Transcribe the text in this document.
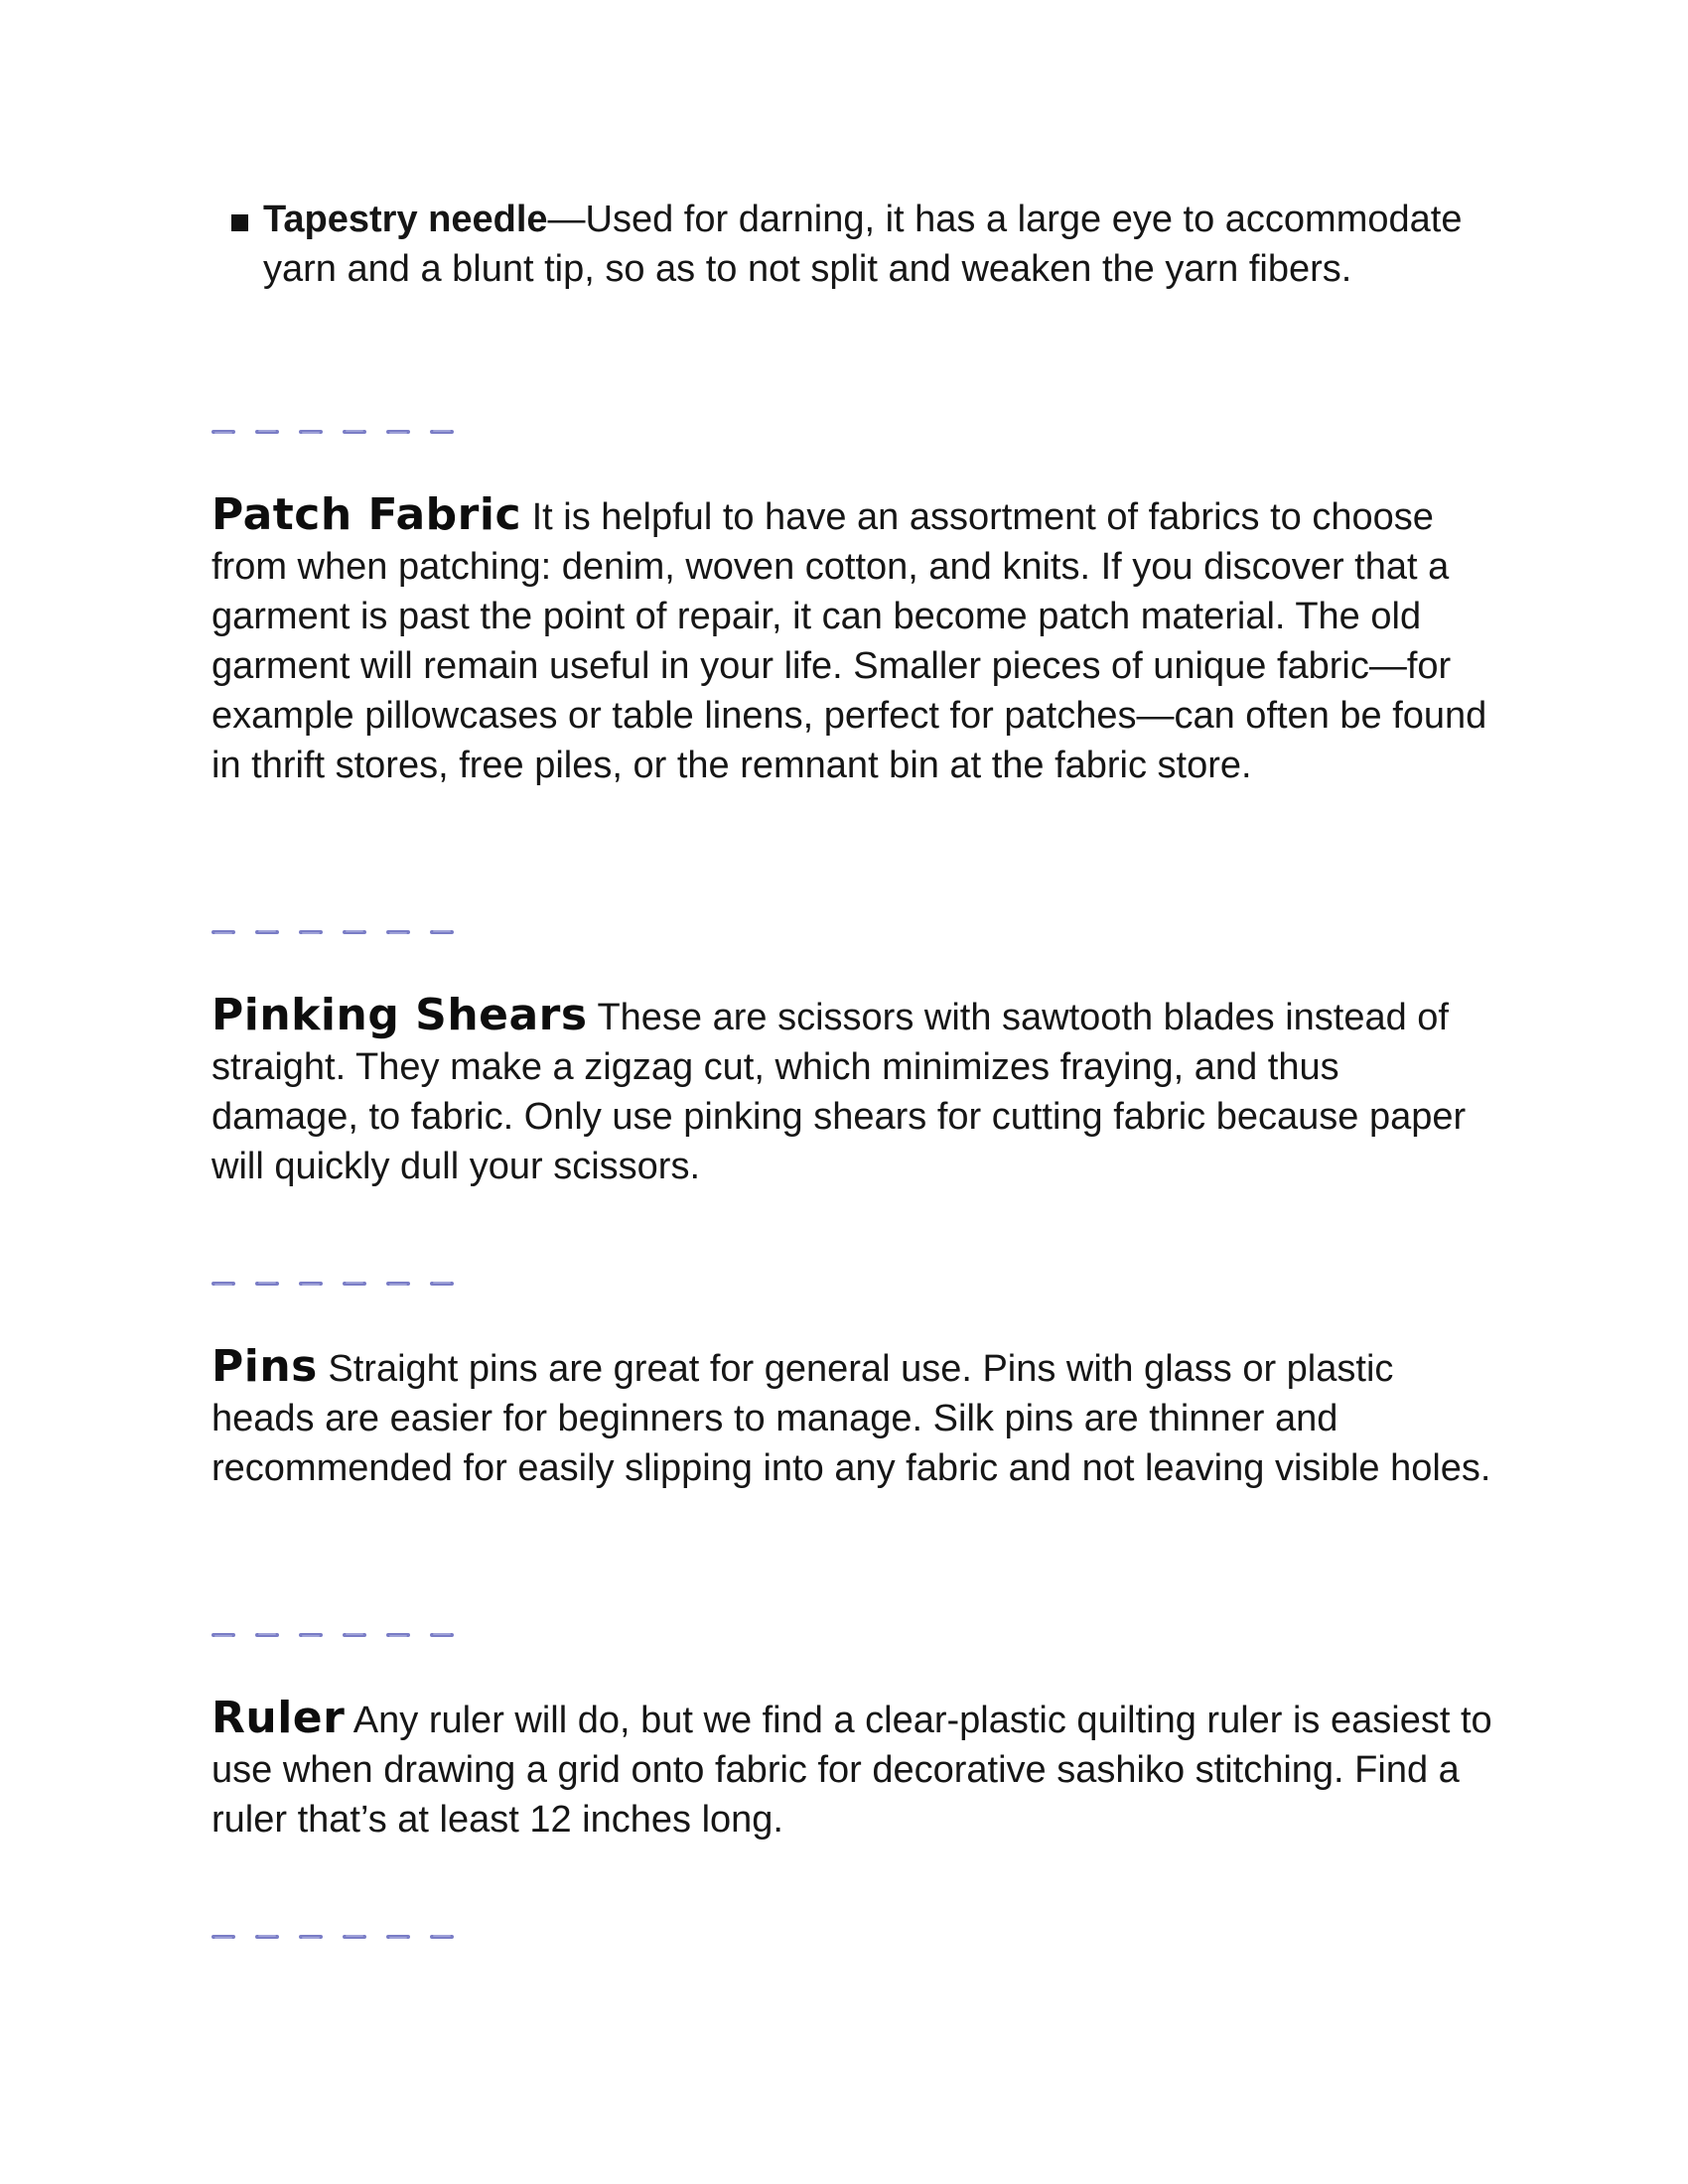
Tapestry needle—Used for darning, it has a large eye to accommodate yarn and a blunt tip, so as to not split and weaken the yarn fibers.
Patch Fabric It is helpful to have an assortment of fabrics to choose from when patching: denim, woven cotton, and knits. If you discover that a garment is past the point of repair, it can become patch material. The old garment will remain useful in your life. Smaller pieces of unique fabric—for example pillowcases or table linens, perfect for patches—can often be found in thrift stores, free piles, or the remnant bin at the fabric store.
Pinking Shears These are scissors with sawtooth blades instead of straight. They make a zigzag cut, which minimizes fraying, and thus damage, to fabric. Only use pinking shears for cutting fabric because paper will quickly dull your scissors.
Pins Straight pins are great for general use. Pins with glass or plastic heads are easier for beginners to manage. Silk pins are thinner and recommended for easily slipping into any fabric and not leaving visible holes.
Ruler Any ruler will do, but we find a clear-plastic quilting ruler is easiest to use when drawing a grid onto fabric for decorative sashiko stitching. Find a ruler that’s at least 12 inches long.
